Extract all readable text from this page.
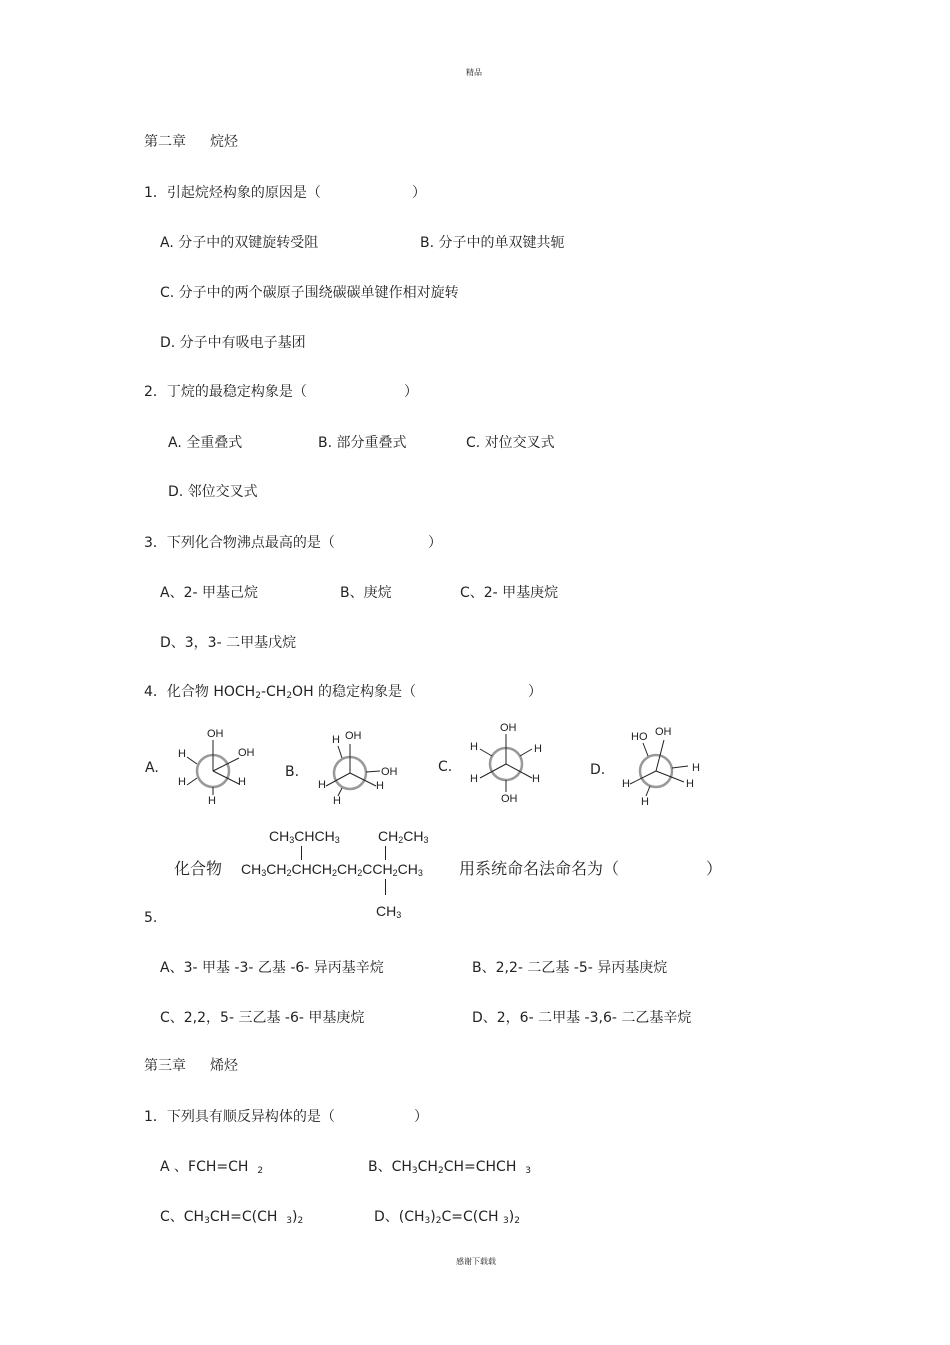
精品
感谢下载载
第二章 烷烃
1．引起烷烃构象的原因是（	）
A. 分子中的双键旋转受阻	B. 分子中的单双键共轭
C. 分子中的两个碳原子围绕碳碳单键作相对旋转
D. 分子中有吸电子基团
2．丁烷的最稳定构象是（	）
A. 全重叠式	B. 部分重叠式	C. 对位交叉式
D. 邻位交叉式
3．下列化合物沸点最高的是（	）
A、2- 甲基己烷	B、庚烷	C、2- 甲基庚烷
D、3，3- 二甲基戊烷
4．化合物 $HOCH_2-CH_2OH$ 的稳定构象是（	）
A.	B.	C.	D.
OH
OH
H
H	H
H
OH
H
OH
H	H
H
OH
H	H
H	H
OH
HO OH
H
H	H
H
化合物
$CH_3CHCH_3$	$CH_2CH_3$
$CH_3CH_2CHCH_2CH_2CCH_2CH_3$
$CH_3$
用系统命名法命名为（	）
5.
A、3- 甲基 -3- 乙基 -6- 异丙基辛烷	B、2,2- 二乙基 -5- 异丙基庚烷
C、2,2，5- 三乙基 -6- 甲基庚烷	D、2，6- 二甲基 -3,6- 二乙基辛烷
第三章 烯烃
1．下列具有顺反异构体的是（	）
A 、FCH=CH $_2$	B、$CH_3CH_2CH=CHCH$ $_3$
C、$CH_3CH=C(CH$ $_3)_2$	D、$(CH_3)_2C=C(CH$ $_3)_2$
